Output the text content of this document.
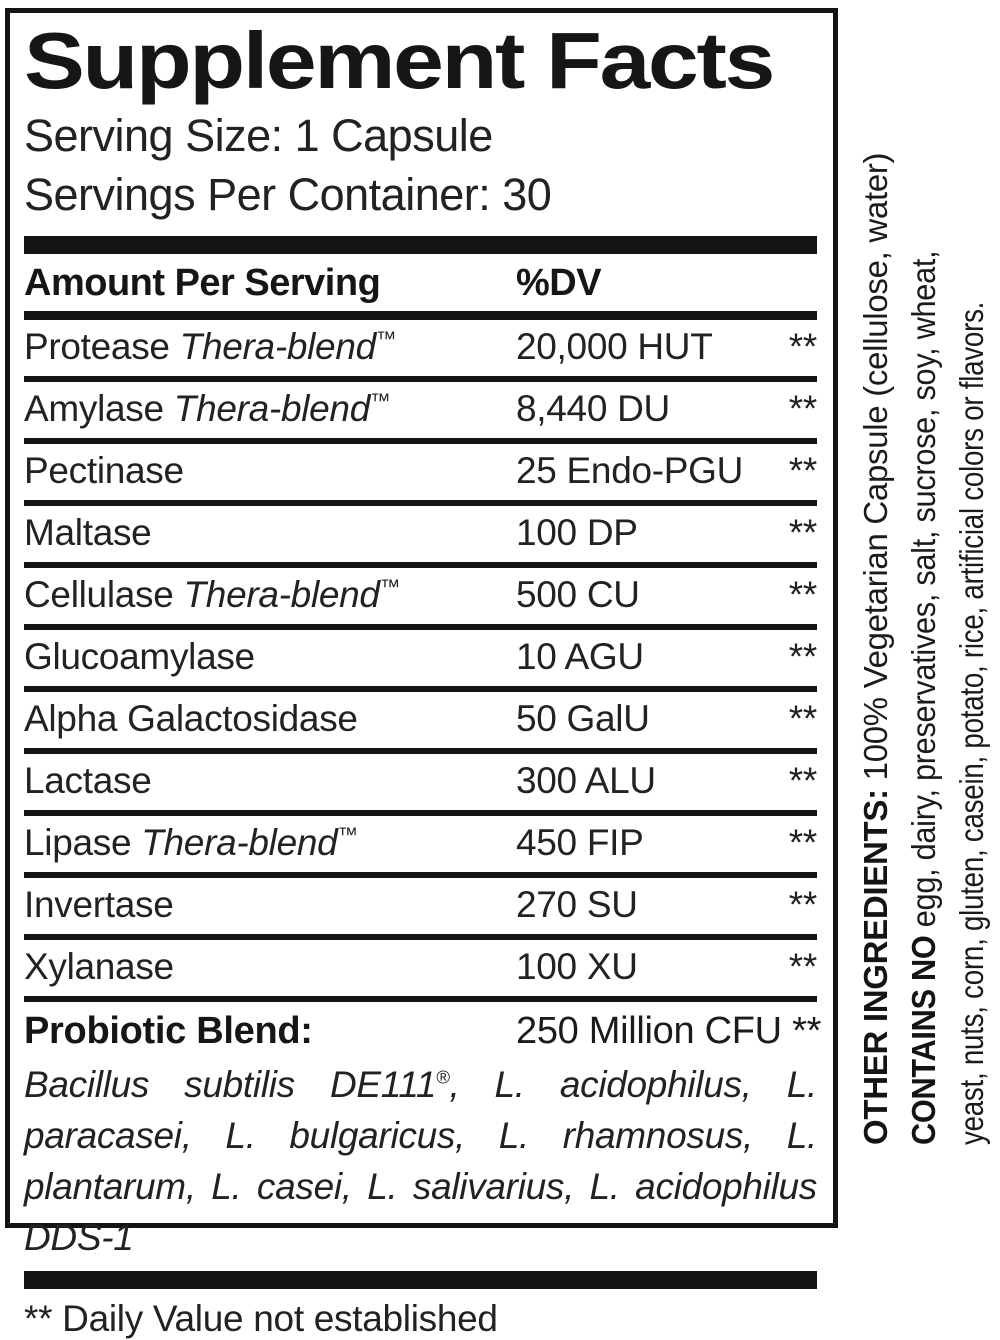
Supplement Facts
Serving Size: 1 Capsule
Servings Per Container: 30
Amount Per Serving	%DV
Protease Thera-blend™	20,000 HUT	**
Amylase Thera-blend™	8,440 DU	**
Pectinase	25 Endo-PGU	**
Maltase	100 DP	**
Cellulase Thera-blend™	500 CU	**
Glucoamylase	10 AGU	**
Alpha Galactosidase	50 GalU	**
Lactase	300 ALU	**
Lipase Thera-blend™	450 FIP	**
Invertase	270 SU	**
Xylanase	100 XU	**
Probiotic Blend:	250 Million CFU **
Bacillus subtilis DE111®, L. acidophilus, L. paracasei, L. bulgaricus, L. rhamnosus, L. plantarum, L. casei, L. salivarius, L. acidophilus DDS-1
** Daily Value not established
OTHER INGREDIENTS: 100% Vegetarian Capsule (cellulose, water)
CONTAINS NO egg, dairy, preservatives, salt, sucrose, soy, wheat, yeast, nuts, corn, gluten, casein, potato, rice, artificial colors or flavors.
